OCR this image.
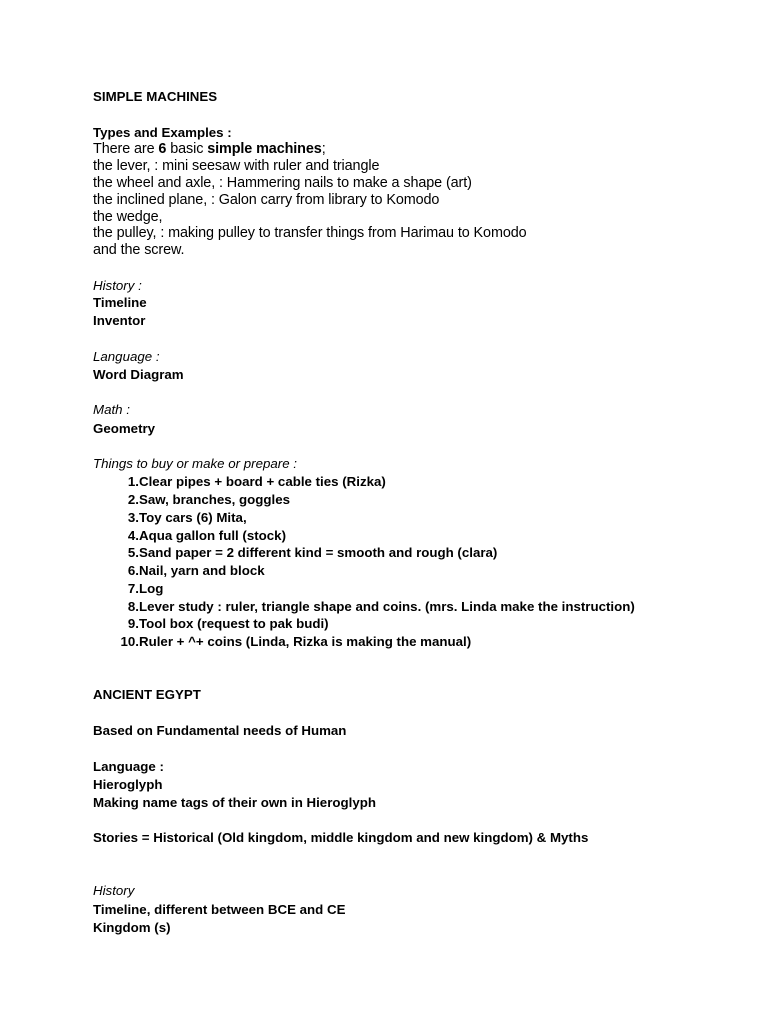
SIMPLE MACHINES
Types and Examples :
There are 6 basic simple machines;
the lever, : mini seesaw with ruler and triangle
the wheel and axle, : Hammering nails to make a shape (art)
the inclined plane, : Galon carry from library to Komodo
the wedge,
the pulley, : making pulley to transfer things from Harimau to Komodo
and the screw.
History :
Timeline
Inventor
Language :
Word Diagram
Math :
Geometry
Things to buy or make or prepare :
1. Clear pipes + board + cable ties (Rizka)
2. Saw, branches, goggles
3. Toy cars (6) Mita,
4. Aqua gallon full (stock)
5. Sand paper = 2 different kind = smooth and rough (clara)
6. Nail, yarn and block
7. Log
8. Lever study : ruler, triangle shape and coins. (mrs. Linda make the instruction)
9. Tool box (request to pak budi)
10. Ruler + ^+ coins (Linda, Rizka is making the manual)
ANCIENT EGYPT
Based on Fundamental needs of Human
Language :
Hieroglyph
Making name tags of their own in Hieroglyph
Stories = Historical (Old kingdom, middle kingdom and new kingdom) & Myths
History
Timeline, different between BCE and CE
Kingdom (s)
